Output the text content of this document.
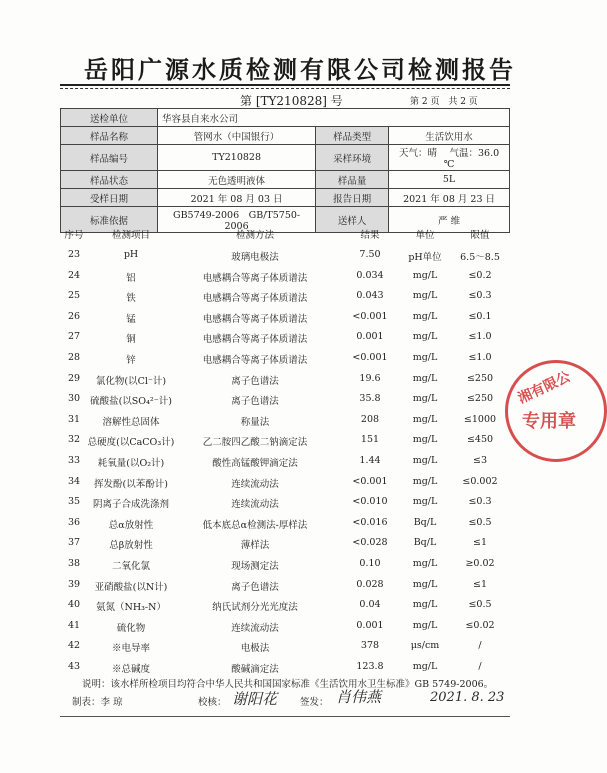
岳阳广源水质检测有限公司检测报告
第 [TY210828] 号	第 2 页 共 2 页
送检单位	华容县自来水公司		
样品名称	管网水（中国银行）	样品类型	生活饮用水
样品编号	TY210828	采样环境	天气：晴　 气温：36.0 ℃
样品状态	无色透明液体	样品量	5L
受样日期	2021 年 08 月 03 日	报告日期	2021 年 08 月 23 日
标准依据	GB5749-2006　GB/T5750-2006	送样人	严 维
序号	检测项目	检测方法	结果	单位	限值
23	pH	玻璃电极法	7.50	pH单位	6.5～8.5
24	铝	电感耦合等离子体质谱法	0.034	mg/L	≤0.2
25	铁	电感耦合等离子体质谱法	0.043	mg/L	≤0.3
26	锰	电感耦合等离子体质谱法	<0.001	mg/L	≤0.1
27	铜	电感耦合等离子体质谱法	0.001	mg/L	≤1.0
28	锌	电感耦合等离子体质谱法	<0.001	mg/L	≤1.0
29	氯化物(以Cl⁻计)	离子色谱法	19.6	mg/L	≤250
30	硫酸盐(以SO₄²⁻计)	离子色谱法	35.8	mg/L	≤250
31	溶解性总固体	称量法	208	mg/L	≤1000
32 总硬度(以CaCO₃计)	乙二胺四乙酸二钠滴定法	151	mg/L	≤450
33	耗氧量(以O₂计)	酸性高锰酸钾滴定法	1.44	mg/L	≤3
34	挥发酚(以苯酚计)	连续流动法	<0.001	mg/L	≤0.002
35	阴离子合成洗涤剂	连续流动法	<0.010	mg/L	≤0.3
36	总α放射性	低本底总α检测法-厚样法	<0.016	Bq/L	≤0.5
37	总β放射性	薄样法	<0.028	Bq/L	≤1
38	二氧化氯	现场测定法	0.10	mg/L	≥0.02
39	亚硝酸盐(以N计)	离子色谱法	0.028	mg/L	≤1
40	氨氮（NH₃-N）	纳氏试剂分光光度法	0.04	mg/L	≤0.5
41	硫化物	连续流动法	0.001	mg/L	≤0.02
42	※电导率	电极法	378	μs/cm	/
43	※总碱度	酸碱滴定法	123.8	mg/L	/
说明：该水样所检项目均符合中华人民共和国国家标准《生活饮用水卫生标准》GB 5749-2006。
制表：李 琼	校核： 谢阳花 签发： 肖伟燕	2021. 8. 23
湘有限公
专用章
